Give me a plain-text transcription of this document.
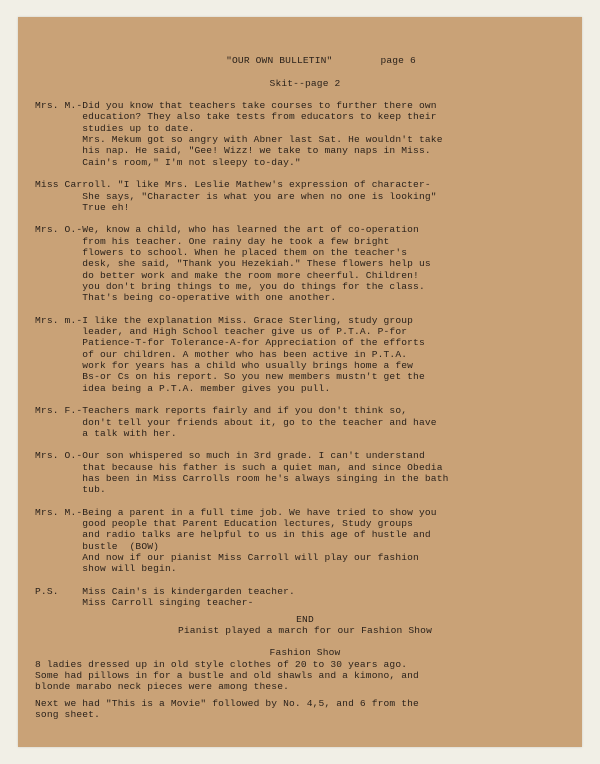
"OUR OWN BULLETIN"	page 6
Skit--page 2
Mrs. M.-Did you know that teachers take courses to further there own
education? They also take tests from educators to keep their
studies up to date.
Mrs. Mekum got so angry with Abner last Sat. He wouldn't take
his nap. He said, "Gee! Wizz! we take to many naps in Miss.
Cain's room," I'm not sleepy to-day."
Miss Carroll. "I like Mrs. Leslie Mathew's expression of character-
She says, "Character is what you are when no one is looking"
True eh!
Mrs. O.-We, know a child, who has learned the art of co-operation
from his teacher. One rainy day he took a few bright
flowers to school. When he placed them on the teacher's
desk, she said, "Thank you Hezekiah." These flowers help us
do better work and make the room more cheerful. Children!
you don't bring things to me, you do things for the class.
That's being co-operative with one another.
Mrs. m.-I like the explanation Miss. Grace Sterling, study group
leader, and High School teacher give us of P.T.A. P-for
Patience-T-for Tolerance-A-for Appreciation of the efforts
of our children. A mother who has been active in P.T.A.
work for years has a child who usually brings home a few
Bs-or Cs on his report. So you new members mustn't get the
idea being a P.T.A. member gives you pull.
Mrs. F.-Teachers mark reports fairly and if you don't think so,
don't tell your friends about it, go to the teacher and have
a talk with her.
Mrs. O.-Our son whispered so much in 3rd grade. I can't understand
that because his father is such a quiet man, and since Obedia
has been in Miss Carrolls room he's always singing in the bath
tub.
Mrs. M.-Being a parent in a full time job. We have tried to show you
good people that Parent Education lectures, Study groups
and radio talks are helpful to us in this age of hustle and
bustle  (BOW)
And now if our pianist Miss Carroll will play our fashion
show will begin.
P.S.    Miss Cain's is kindergarden teacher.
Miss Carroll singing teacher-
END
Pianist played a march for our Fashion Show
Fashion Show
8 ladies dressed up in old style clothes of 20 to 30 years ago.
Some had pillows in for a bustle and old shawls and a kimono, and
blonde marabo neck pieces were among these.
Next we had "This is a Movie" followed by No. 4,5, and 6 from the
song sheet.
